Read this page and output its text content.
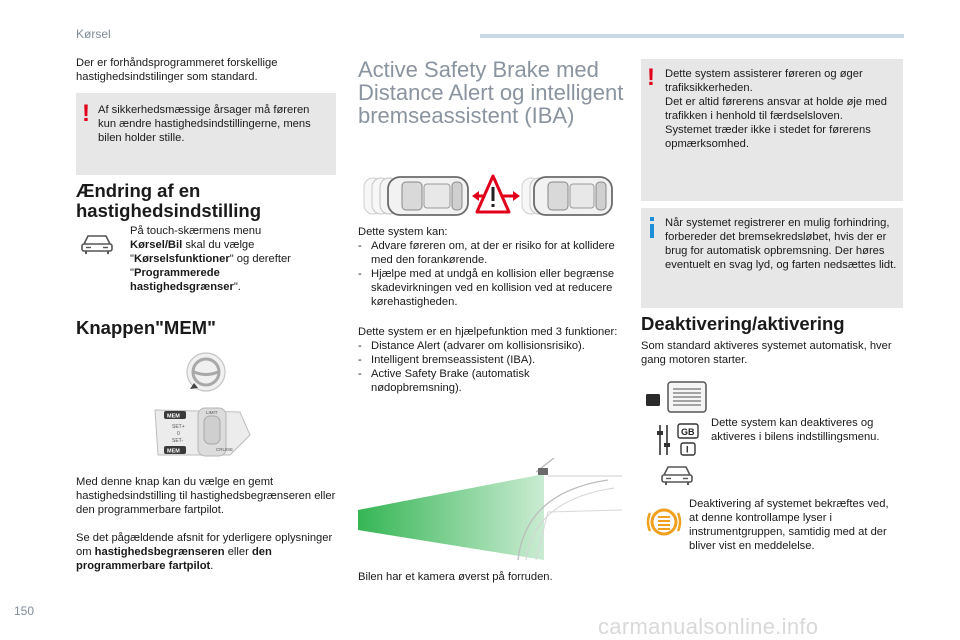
Kørsel
Der er forhåndsprogrammeret forskellige hastighedsindstilinger som standard.
! Af sikkerhedsmæssige årsager må føreren kun ændre hastighedsindstillingerne, mens bilen holder stille.
Ændring af en hastighedsindstilling
På touch-skærmens menu Kørsel/Bil skal du vælge "Kørselsfunktioner" og derefter "Programmerede hastighedsgrænser".
Knappen"MEM"
MEM
MEM
SET+
0
SET-
LIMIT
CRUISE
Med denne knap kan du vælge en gemt hastighedsindstilling til hastighedsbegrænseren eller den programmerbare fartpilot.
Se det pågældende afsnit for yderligere oplysninger om hastighedsbegrænseren eller den programmerbare fartpilot.
Active Safety Brake med Distance Alert og intelligent bremseassistent (IBA)
Dette system kan:
- Advare føreren om, at der er risiko for at kollidere med den forankørende.
- Hjælpe med at undgå en kollision eller begrænse skadevirkningen ved en kollision ved at reducere kørehastigheden.
Dette system er en hjælpefunktion med 3 funktioner:
- Distance Alert (advarer om kollisionsrisiko).
- Intelligent bremseassistent (IBA).
- Active Safety Brake (automatisk nødopbremsning).
Bilen har et kamera øverst på forruden.
! Dette system assisterer føreren og øger trafiksikkerheden.
Det er altid førerens ansvar at holde øje med trafikken i henhold til færdselsloven.
Systemet træder ikke i stedet for førerens opmærksomhed.
Når systemet registrerer en mulig forhindring, forbereder det bremsekredsløbet, hvis der er brug for automatisk opbremsning. Der høres eventuelt en svag lyd, og farten nedsættes lidt.
Deaktivering/aktivering
Som standard aktiveres systemet automatisk, hver gang motoren starter.
GB
I
Dette system kan deaktiveres og aktiveres i bilens indstillingsmenu.
Deaktivering af systemet bekræftes ved, at denne kontrollampe lyser i instrumentgruppen, samtidig med at der bliver vist en meddelelse.
150
carmanualsonline.info
